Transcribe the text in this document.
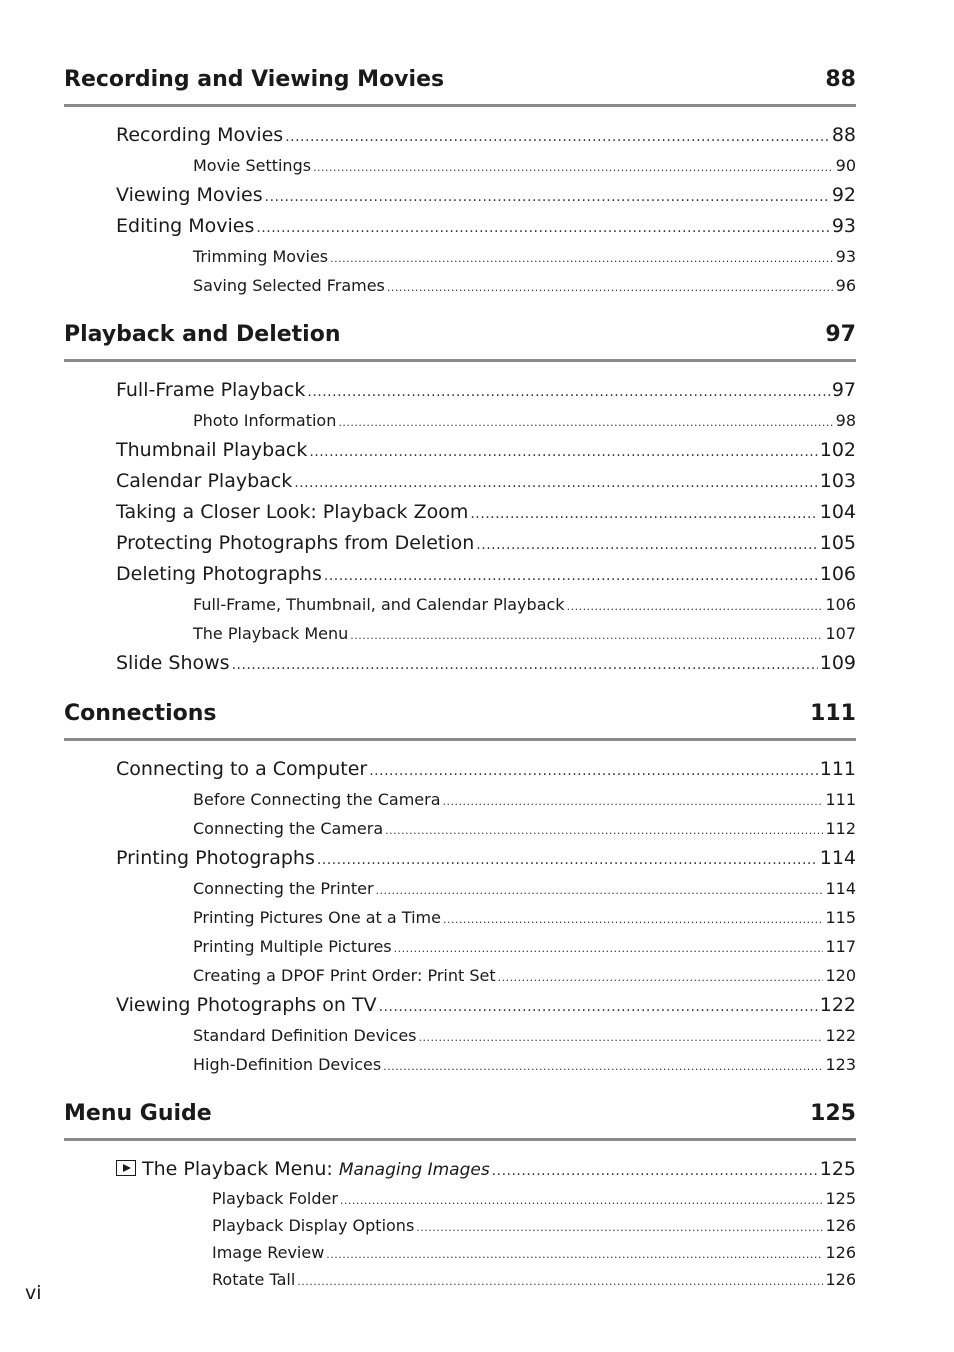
Recording and Viewing Movies	88
Recording Movies .....	88
Movie Settings .....	90
Viewing Movies .....	92
Editing Movies .....	93
Trimming Movies .....	93
Saving Selected Frames .....	96
Playback and Deletion	97
Full-Frame Playback .....	97
Photo Information .....	98
Thumbnail Playback .....	102
Calendar Playback .....	103
Taking a Closer Look: Playback Zoom .....	104
Protecting Photographs from Deletion .....	105
Deleting Photographs .....	106
Full-Frame, Thumbnail, and Calendar Playback .....	106
The Playback Menu .....	107
Slide Shows .....	109
Connections	111
Connecting to a Computer .....	111
Before Connecting the Camera .....	111
Connecting the Camera .....	112
Printing Photographs .....	114
Connecting the Printer .....	114
Printing Pictures One at a Time .....	115
Printing Multiple Pictures .....	117
Creating a DPOF Print Order: Print Set .....	120
Viewing Photographs on TV .....	122
Standard Definition Devices .....	122
High-Definition Devices .....	123
Menu Guide	125
The Playback Menu: Managing Images .....	125
Playback Folder .....	125
Playback Display Options .....	126
Image Review .....	126
Rotate Tall .....	126
vi
